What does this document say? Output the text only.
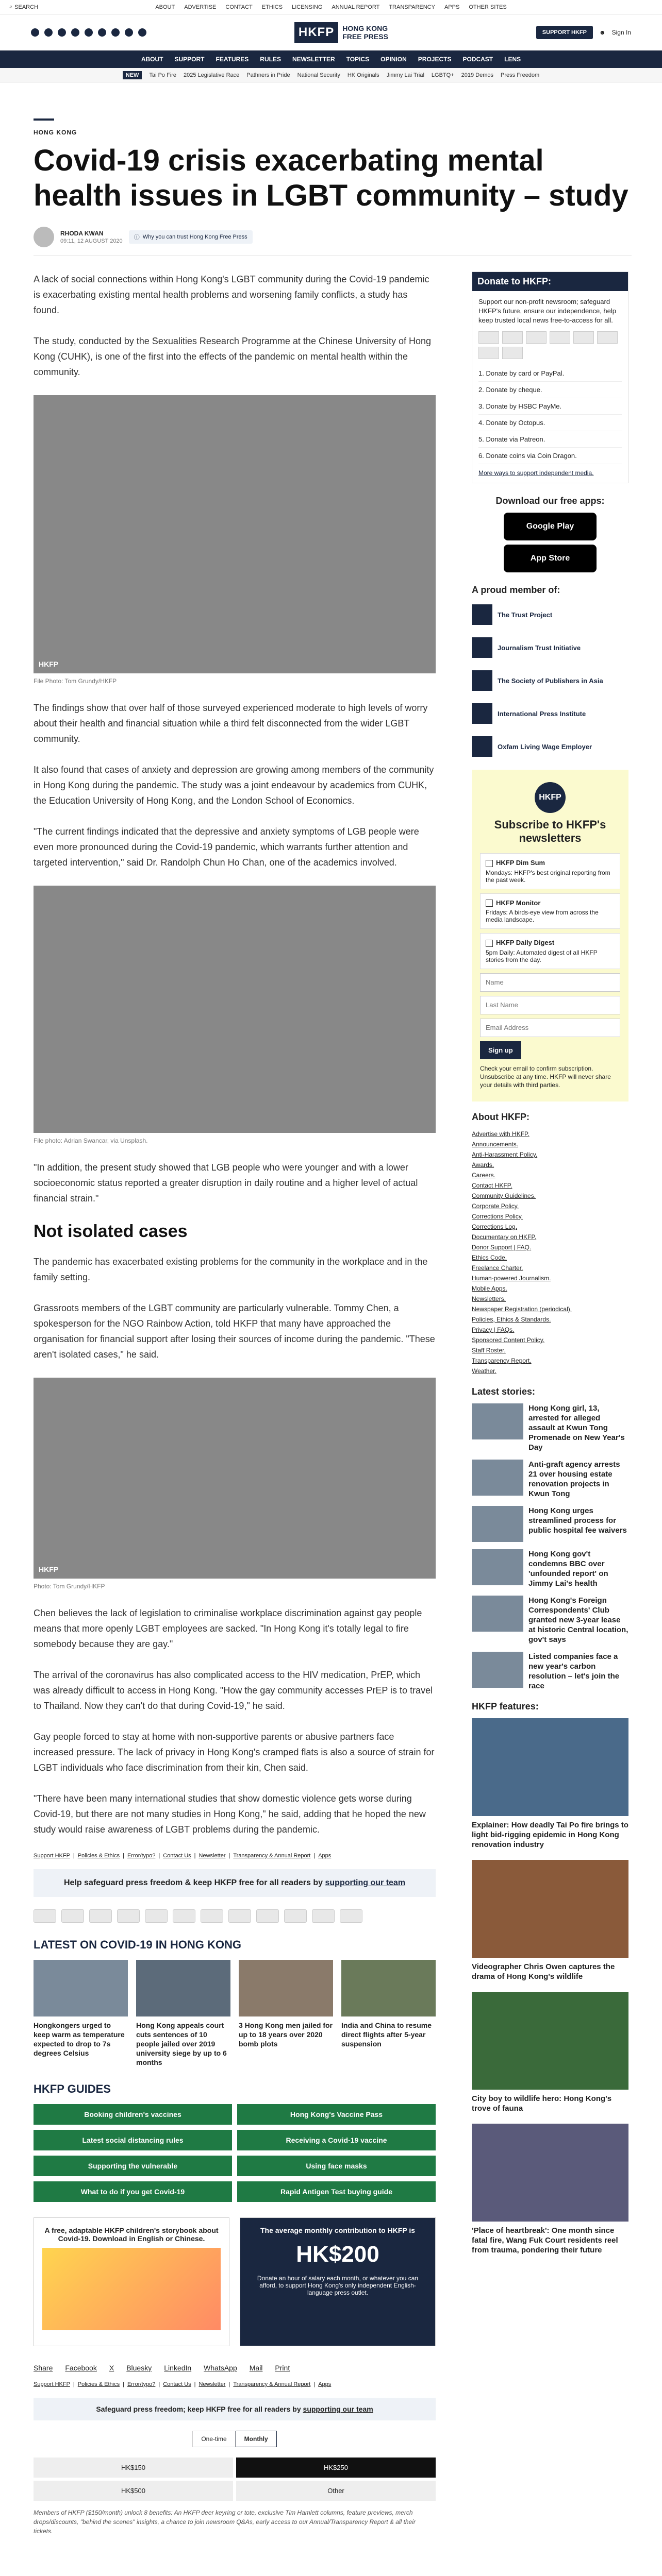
⌕ SEARCH	ABOUT ADVERTISE CONTACT ETHICS LICENSING ANNUAL REPORT TRANSPARENCY APPS OTHER SITES
HKFP	HONG KONG
FREE PRESS	SUPPORT HKFP	☻ Sign In
ABOUT SUPPORT FEATURES RULES NEWSLETTER TOPICS OPINION PROJECTS PODCAST LENS
NEW	Tai Po Fire 2025 Legislative Race Pathners in Pride National Security HK Originals Jimmy Lai Trial LGBTQ+ 2019 Demos Press Freedom
HONG KONG
Covid-19 crisis exacerbating mental health issues in LGBT community – study
RHODA KWAN
09:11, 12 AUGUST 2020
ⓘ Why you can trust Hong Kong Free Press

A lack of social connections within Hong Kong's LGBT community during the Covid-19 pandemic is exacerbating existing mental health problems and worsening family conflicts, a study has found.

The study, conducted by the Sexualities Research Programme at the Chinese University of Hong Kong (CUHK), is one of the first into the effects of the pandemic on mental health within the community.

HKFP
File Photo: Tom Grundy/HKFP

The findings show that over half of those surveyed experienced moderate to high levels of worry about their health and financial situation while a third felt disconnected from the wider LGBT community.

It also found that cases of anxiety and depression are growing among members of the community in Hong Kong during the pandemic. The study was a joint endeavour by academics from CUHK, the Education University of Hong Kong, and the London School of Economics.

"The current findings indicated that the depressive and anxiety symptoms of LGB people were even more pronounced during the Covid-19 pandemic, which warrants further attention and targeted intervention," said Dr. Randolph Chun Ho Chan, one of the academics involved.

File photo: Adrian Swancar, via Unsplash.

"In addition, the present study showed that LGB people who were younger and with a lower socioeconomic status reported a greater disruption in daily routine and a higher level of actual financial strain."

Not isolated cases

The pandemic has exacerbated existing problems for the community in the workplace and in the family setting.

Grassroots members of the LGBT community are particularly vulnerable. Tommy Chen, a spokesperson for the NGO Rainbow Action, told HKFP that many have approached the organisation for financial support after losing their sources of income during the pandemic. "These aren't isolated cases," he said.

HKFP
Photo: Tom Grundy/HKFP

Chen believes the lack of legislation to criminalise workplace discrimination against gay people means that more openly LGBT employees are sacked. "In Hong Kong it's totally legal to fire somebody because they are gay."

The arrival of the coronavirus has also complicated access to the HIV medication, PrEP, which was already difficult to access in Hong Kong. "How the gay community accesses PrEP is to travel to Thailand. Now they can't do that during Covid-19," he said.

Gay people forced to stay at home with non-supportive parents or abusive partners face increased pressure. The lack of privacy in Hong Kong's cramped flats is also a source of strain for LGBT individuals who face discrimination from their kin, Chen said.

"There have been many international studies that show domestic violence gets worse during Covid-19, but there are not many studies in Hong Kong," he said, adding that he hoped the new study would raise awareness of LGBT problems during the pandemic.

Support HKFP | Policies & Ethics | Error/typo? | Contact Us | Newsletter | Transparency & Annual Report | Apps
Help safeguard press freedom & keep HKFP free for all readers by supporting our team
LATEST ON COVID-19 IN HONG KONG
Hongkongers urged to keep warm as temperature expected to drop to 7s degrees Celsius
Hong Kong appeals court cuts sentences of 10 people jailed over 2019 university siege by up to 6 months
3 Hong Kong men jailed for up to 18 years over 2020 bomb plots
India and China to resume direct flights after 5-year suspension
HKFP GUIDES
Booking children's vaccines	Hong Kong's Vaccine Pass
Latest social distancing rules	Receiving a Covid-19 vaccine
Supporting the vulnerable	Using face masks
What to do if you get Covid-19	Rapid Antigen Test buying guide
A free, adaptable HKFP children's storybook about Covid-19. Download in English or Chinese.
The average monthly contribution to HKFP is
HK$200
Donate an hour of salary each month, or whatever you can afford, to support Hong Kong's only independent English-language press outlet.
Share Facebook X Bluesky LinkedIn WhatsApp Mail Print
Support HKFP | Policies & Ethics | Error/typo? | Contact Us | Newsletter | Transparency & Annual Report | Apps
Safeguard press freedom; keep HKFP free for all readers by supporting our team
One-time	Monthly
HK$150	HK$250
HK$500	Other
Members of HKFP ($150/month) unlock 8 benefits: An HKFP deer keyring or tote, exclusive Tim Hamlett columns, feature previews, merch drops/discounts, "behind the scenes" insights, a chance to join newsroom Q&As, early access to our Annual/Transparency Report & all their tickets.
Donate to HKFP:

Support our non-profit newsroom; safeguard HKFP's future, ensure our independence, help keep trusted local news free-to-access for all.

1. Donate by card or PayPal.
2. Donate by cheque.
3. Donate by HSBC PayMe.
4. Donate by Octopus.
5. Donate via Patreon.
6. Donate coins via Coin Dragon.
More ways to support independent media.
Download our free apps:
Google Play
App Store
A proud member of:
The Trust Project
Journalism Trust Initiative
The Society of Publishers in Asia
International Press Institute
Oxfam Living Wage Employer
HKFP
Subscribe to HKFP's newsletters
HKFP Dim Sum
Mondays: HKFP's best original reporting from the past week.
HKFP Monitor
Fridays: A birds-eye view from across the media landscape.
HKFP Daily Digest
5pm Daily: Automated digest of all HKFP stories from the day.
Name
Last Name
Email Address Sign up
Check your email to confirm subscription. Unsubscribe at any time. HKFP will never share your details with third parties.
About HKFP:
Advertise with HKFP.
Announcements.
Anti-Harassment Policy.
Awards.
Careers.
Contact HKFP.
Community Guidelines.
Corporate Policy.
Corrections Policy.
Corrections Log.
Documentary on HKFP.
Donor Support | FAQ.
Ethics Code.
Freelance Charter.
Human-powered Journalism.
Mobile Apps.
Newsletters.
Newspaper Registration (periodical).
Policies, Ethics & Standards.
Privacy | FAQs.
Sponsored Content Policy.
Staff Roster.
Transparency Report.
Weather.
Latest stories:
Hong Kong girl, 13, arrested for alleged assault at Kwun Tong Promenade on New Year's Day
Anti-graft agency arrests 21 over housing estate renovation projects in Kwun Tong
Hong Kong urges streamlined process for public hospital fee waivers
Hong Kong gov't condemns BBC over 'unfounded report' on Jimmy Lai's health
Hong Kong's Foreign Correspondents' Club granted new 3-year lease at historic Central location, gov't says
Listed companies face a new year's carbon resolution – let's join the race
HKFP features:
Explainer: How deadly Tai Po fire brings to light bid-rigging epidemic in Hong Kong renovation industry
Videographer Chris Owen captures the drama of Hong Kong's wildlife
City boy to wildlife hero: Hong Kong's trove of fauna
'Place of heartbreak': One month since fatal fire, Wang Fuk Court residents reel from trauma, pondering their future
